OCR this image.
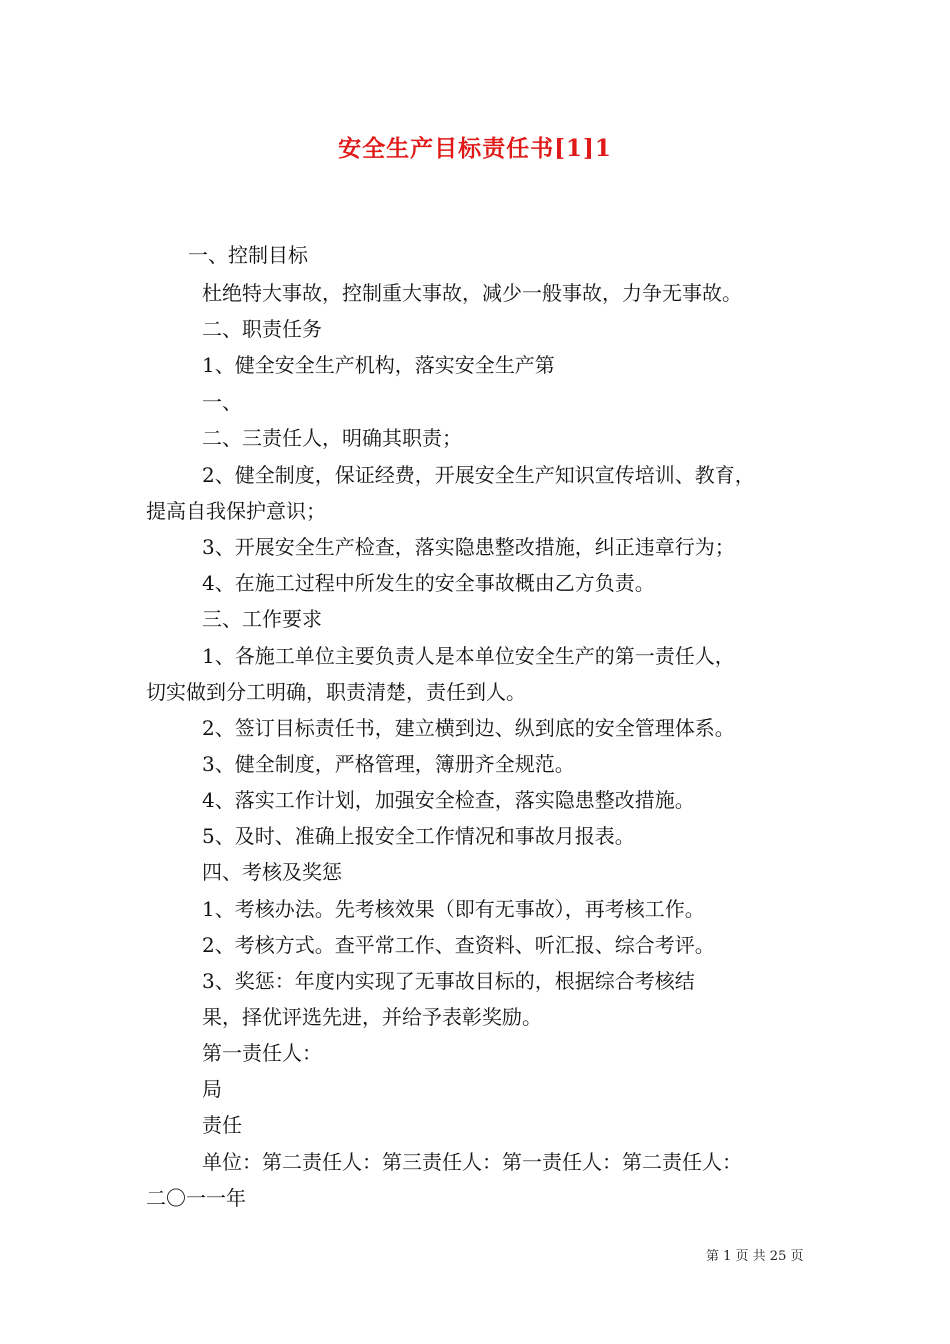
安全生产目标责任书[1]1

一、控制目标

杜绝特大事故，控制重大事故，减少一般事故，力争无事故。

二、职责任务

1、健全安全生产机构，落实安全生产第

一、

二、三责任人，明确其职责；

2、健全制度，保证经费，开展安全生产知识宣传培训、教育，

提高自我保护意识；

3、开展安全生产检查，落实隐患整改措施，纠正违章行为；

4、在施工过程中所发生的安全事故概由乙方负责。

三、工作要求

1、各施工单位主要负责人是本单位安全生产的第一责任人，

切实做到分工明确，职责清楚，责任到人。

2、签订目标责任书，建立横到边、纵到底的安全管理体系。

3、健全制度，严格管理，簿册齐全规范。

4、落实工作计划，加强安全检查，落实隐患整改措施。

5、及时、准确上报安全工作情况和事故月报表。

四、考核及奖惩

1、考核办法。先考核效果（即有无事故），再考核工作。

2、考核方式。查平常工作、查资料、听汇报、综合考评。

3、奖惩：年度内实现了无事故目标的，根据综合考核结

果，择优评选先进，并给予表彰奖励。

第一责任人：

局

责任

单位：第二责任人：第三责任人：第一责任人：第二责任人：

二〇一一年

第 1 页 共 25 页
